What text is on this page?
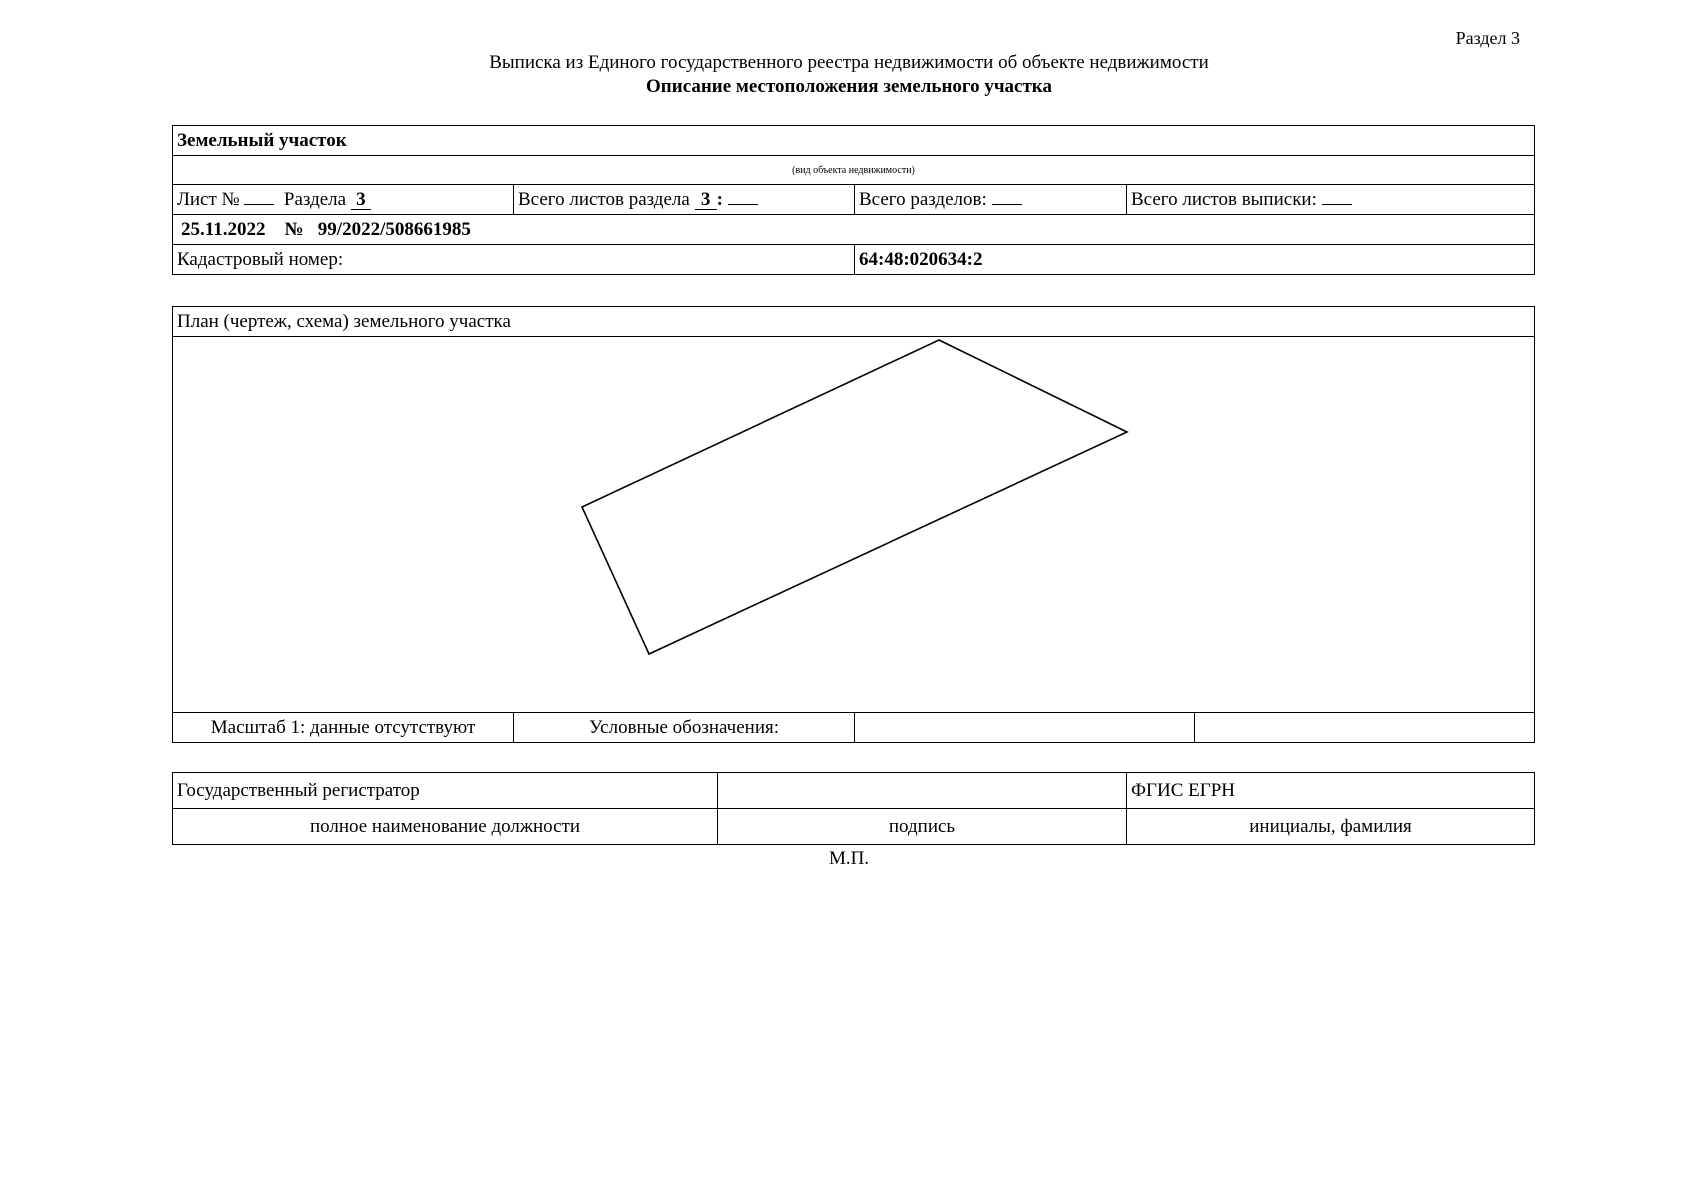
Раздел 3
Выписка из Единого государственного реестра недвижимости об объекте недвижимости
Описание местоположения земельного участка
Земельный участок			
(вид объекта недвижимости)			
Лист № Раздела 3	Всего листов раздела 3 :	Всего разделов:	Всего листов выписки:
25.11.2022 № 99/2022/508661985			
Кадастровый номер:		64:48:020634:2	
План (чертеж, схема) земельного участка

Масштаб 1: данные отсутствуют	Условные обозначения:		
Государственный регистратор		ФГИС ЕГРН
полное наименование должности	подпись	инициалы, фамилия
М.П.
